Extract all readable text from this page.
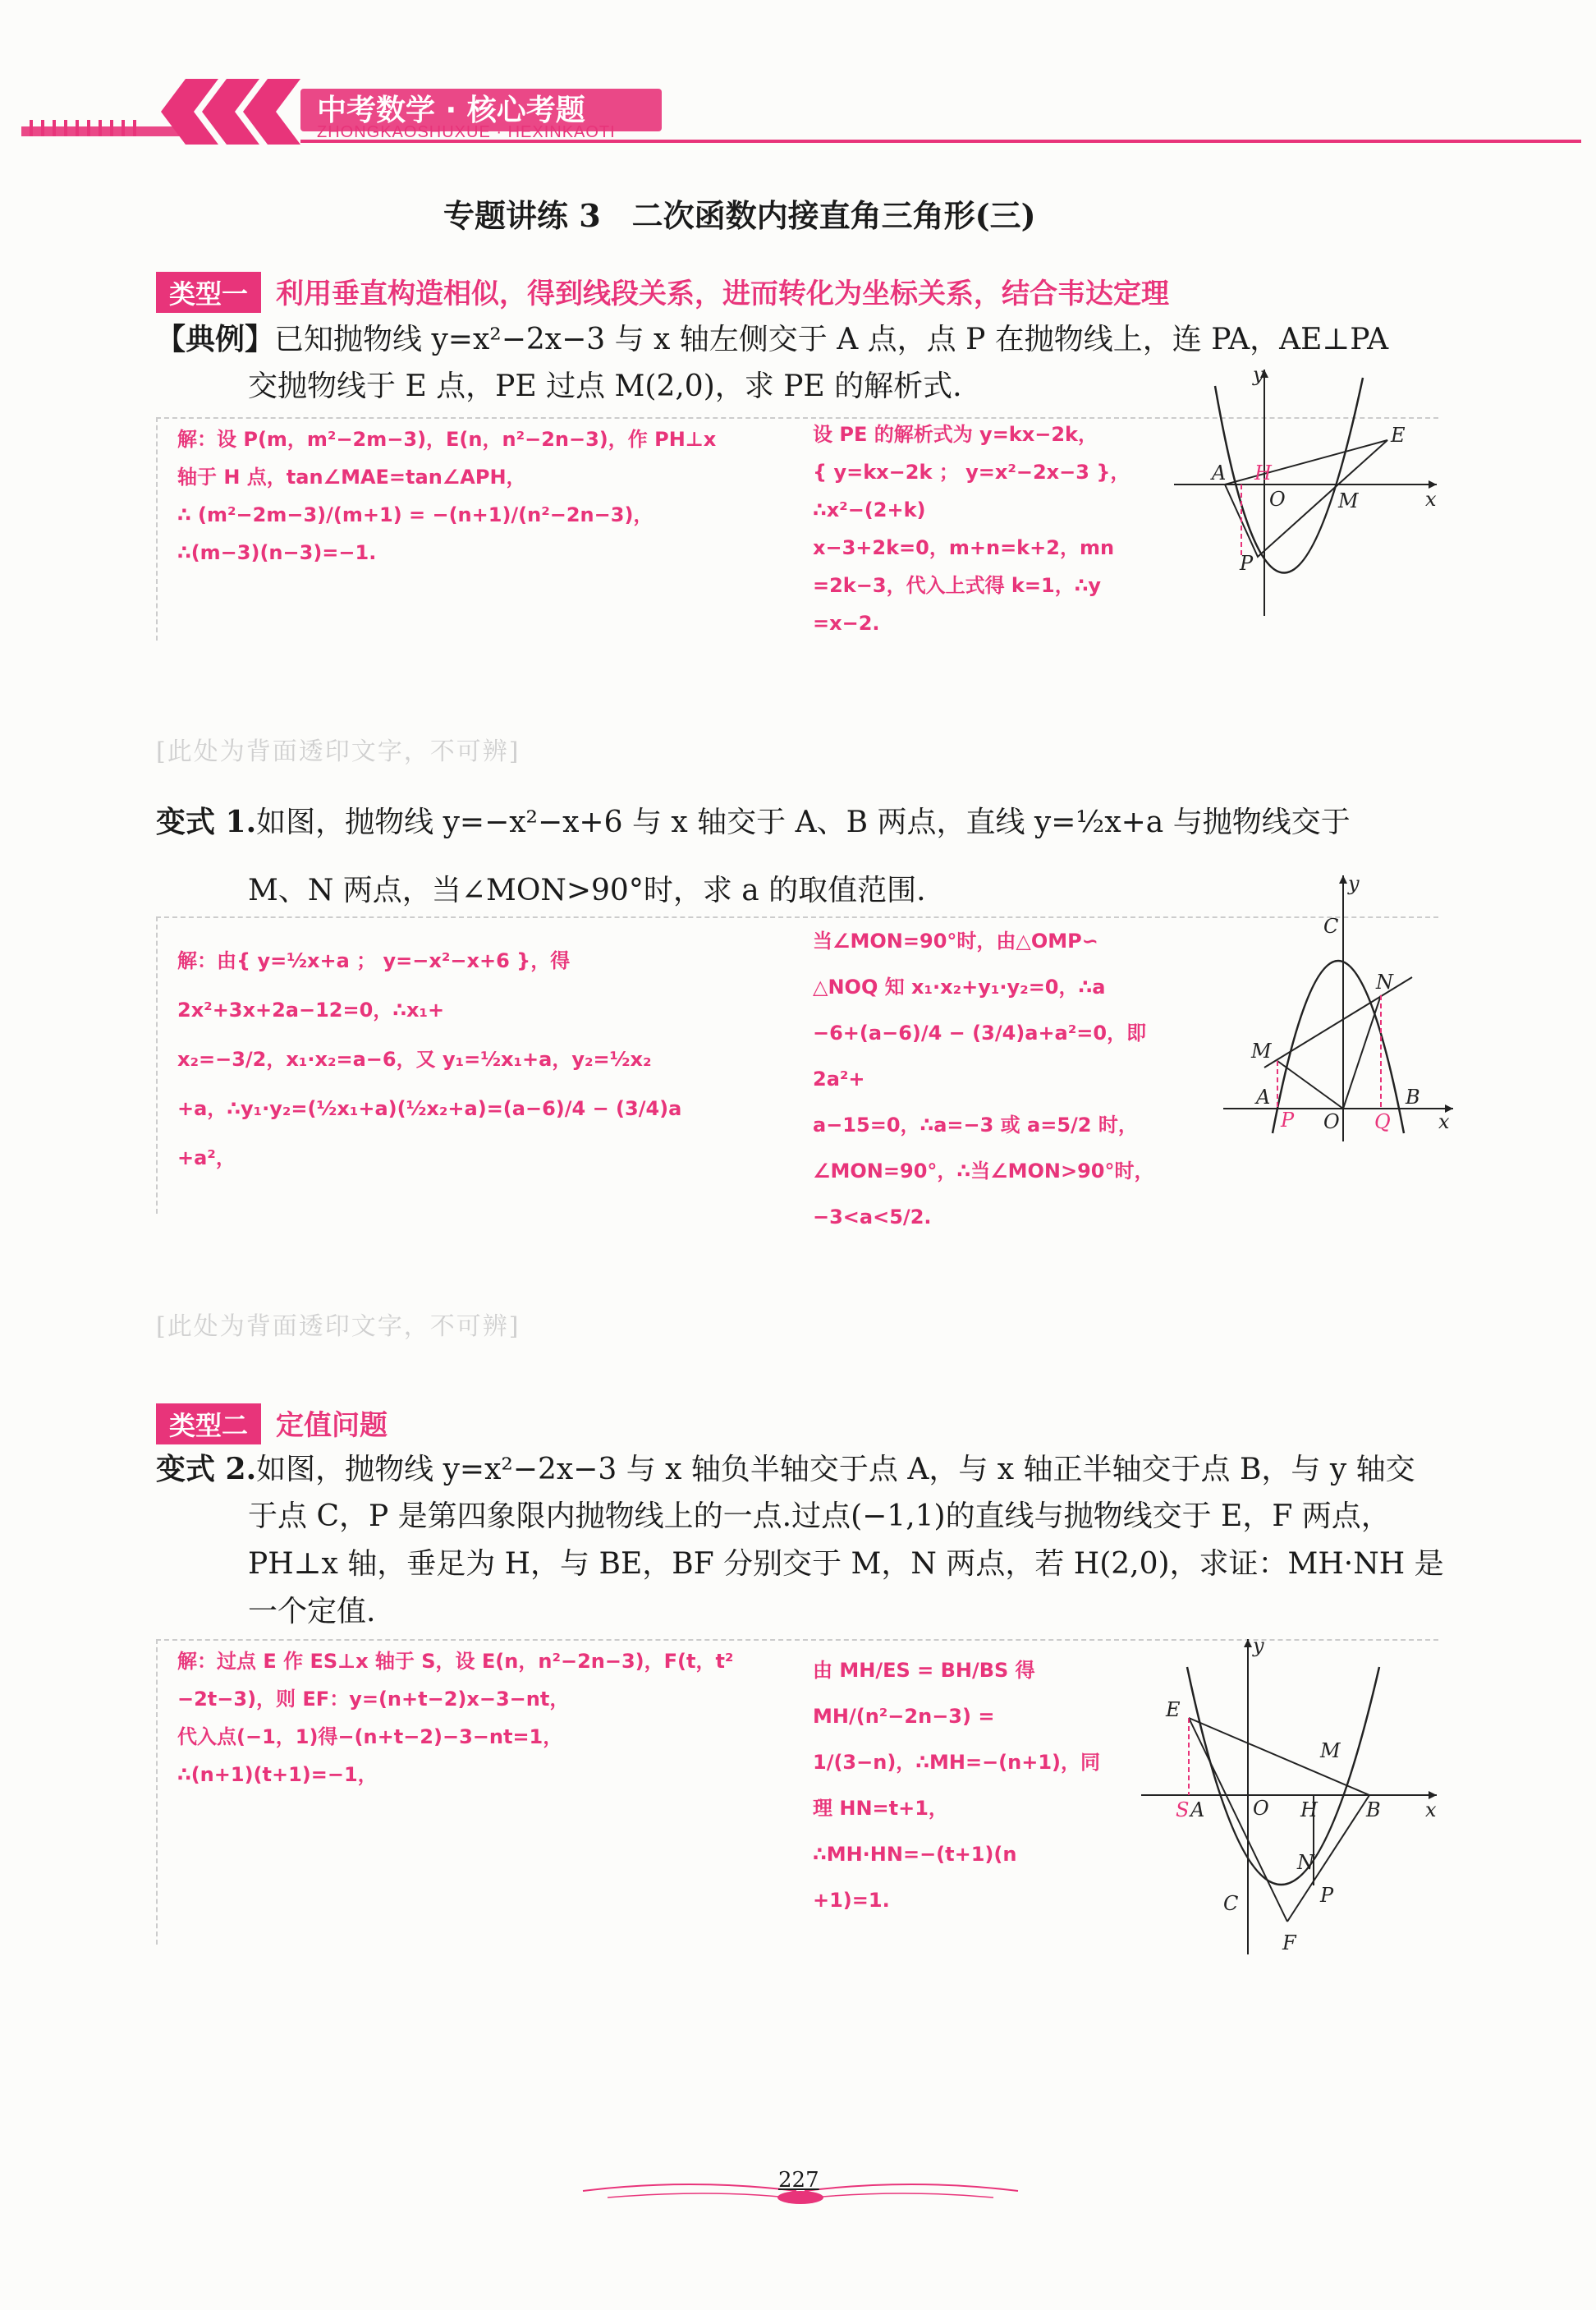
中考数学 · 核心考题
ZHONGKAOSHUXUE · HEXINKAOTI
专题讲练 3　二次函数内接直角三角形(三)
类型一 利用垂直构造相似，得到线段关系，进而转化为坐标关系，结合韦达定理
【典例】已知抛物线 y=x²−2x−3 与 x 轴左侧交于 A 点，点 P 在抛物线上，连 PA，AE⊥PA
交抛物线于 E 点，PE 过点 M(2,0)，求 PE 的解析式.
解：设 P(m，m²−2m−3)，E(n，n²−2n−3)，作 PH⊥x
轴于 H 点，tan∠MAE=tan∠APH，
∴ (m²−2m−3)/(m+1) = −(n+1)/(n²−2n−3)，
∴(m−3)(n−3)=−1.
设 PE 的解析式为 y=kx−2k，
{ y=kx−2k ； y=x²−2x−3 }，∴x²−(2+k)
x−3+2k=0，m+n=k+2，mn
=2k−3，代入上式得 k=1，∴y
=x−2.
y
A H
O	M
E
x
P
[此处为背面透印文字，不可辨]
变式 1.如图，抛物线 y=−x²−x+6 与 x 轴交于 A、B 两点，直线 y=½x+a 与抛物线交于
M、N 两点，当∠MON>90°时，求 a 的取值范围.
解：由{ y=½x+a ； y=−x²−x+6 }，得 2x²+3x+2a−12=0，∴x₁+
x₂=−3/2，x₁·x₂=a−6，又 y₁=½x₁+a，y₂=½x₂
+a，∴y₁·y₂=(½x₁+a)(½x₂+a)=(a−6)/4 − (3/4)a
+a²，
当∠MON=90°时，由△OMP∽
△NOQ 知 x₁·x₂+y₁·y₂=0，∴a
−6+(a−6)/4 − (3/4)a+a²=0，即 2a²+
a−15=0，∴a=−3 或 a=5/2 时，
∠MON=90°，∴当∠MON>90°时，−3<a<5/2.
y
C
N
M
A
P O Q
B
x
[此处为背面透印文字，不可辨]
类型二 定值问题
变式 2.如图，抛物线 y=x²−2x−3 与 x 轴负半轴交于点 A，与 x 轴正半轴交于点 B，与 y 轴交
于点 C，P 是第四象限内抛物线上的一点.过点(−1,1)的直线与抛物线交于 E，F 两点，
PH⊥x 轴，垂足为 H，与 BE，BF 分别交于 M，N 两点，若 H(2,0)，求证：MH·NH 是
一个定值.
解：过点 E 作 ES⊥x 轴于 S，设 E(n，n²−2n−3)，F(t，t²
−2t−3)，则 EF：y=(n+t−2)x−3−nt，
代入点(−1，1)得−(n+t−2)−3−nt=1，
∴(n+1)(t+1)=−1，
由 MH/ES = BH/BS 得 MH/(n²−2n−3) =
1/(3−n)，∴MH=−(n+1)，同
理 HN=t+1，
∴MH·HN=−(t+1)(n
+1)=1.
y
E
M
S A O H B x
N
C	P
F
227
